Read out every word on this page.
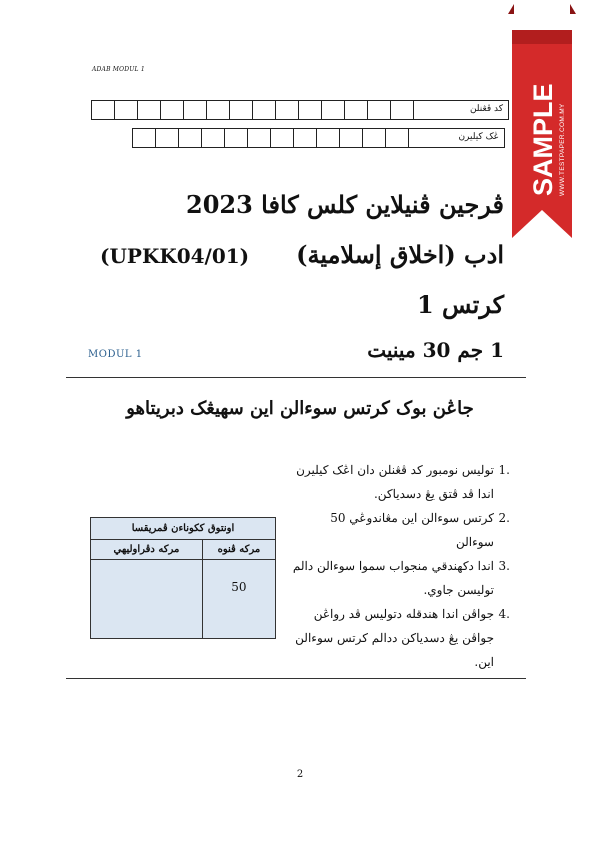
ADAB MODUL 1
كد ڤڠنلن
ڠک كيليرن
ڤرجين ڤنيلاين كلس كافا 2023
ادب (اخلاق إسلامية)
(UPKK04/01)
كرتس 1
1 جم 30 مينيت
MODUL 1
جاڠن بوک كرتس سوءالن اين سهيڠک دبريتاهو
.1
توليس نومبور كد ڤڠنلن دان اڠک كيليرن اندا ڤد ڤتق يڠ دسدياكن.
.2
كرتس سوءالن اين مڠاندوڠي 50 سوءالن
.3
اندا دكهندقي منجواب سموا سوءالن دالم توليسن جاوي.
.4
جواڤن اندا هندقله دتوليس ڤد رواڠن جواڤن يڠ دسدياكن ددالم كرتس سوءالن اين.
اونتوق ککوناءن ڤمريقسا	
مرکه ڤنوه	مرکه دڤراوليهي
50	
2
SAMPLE WWW.TESTPAPER.COM.MY
